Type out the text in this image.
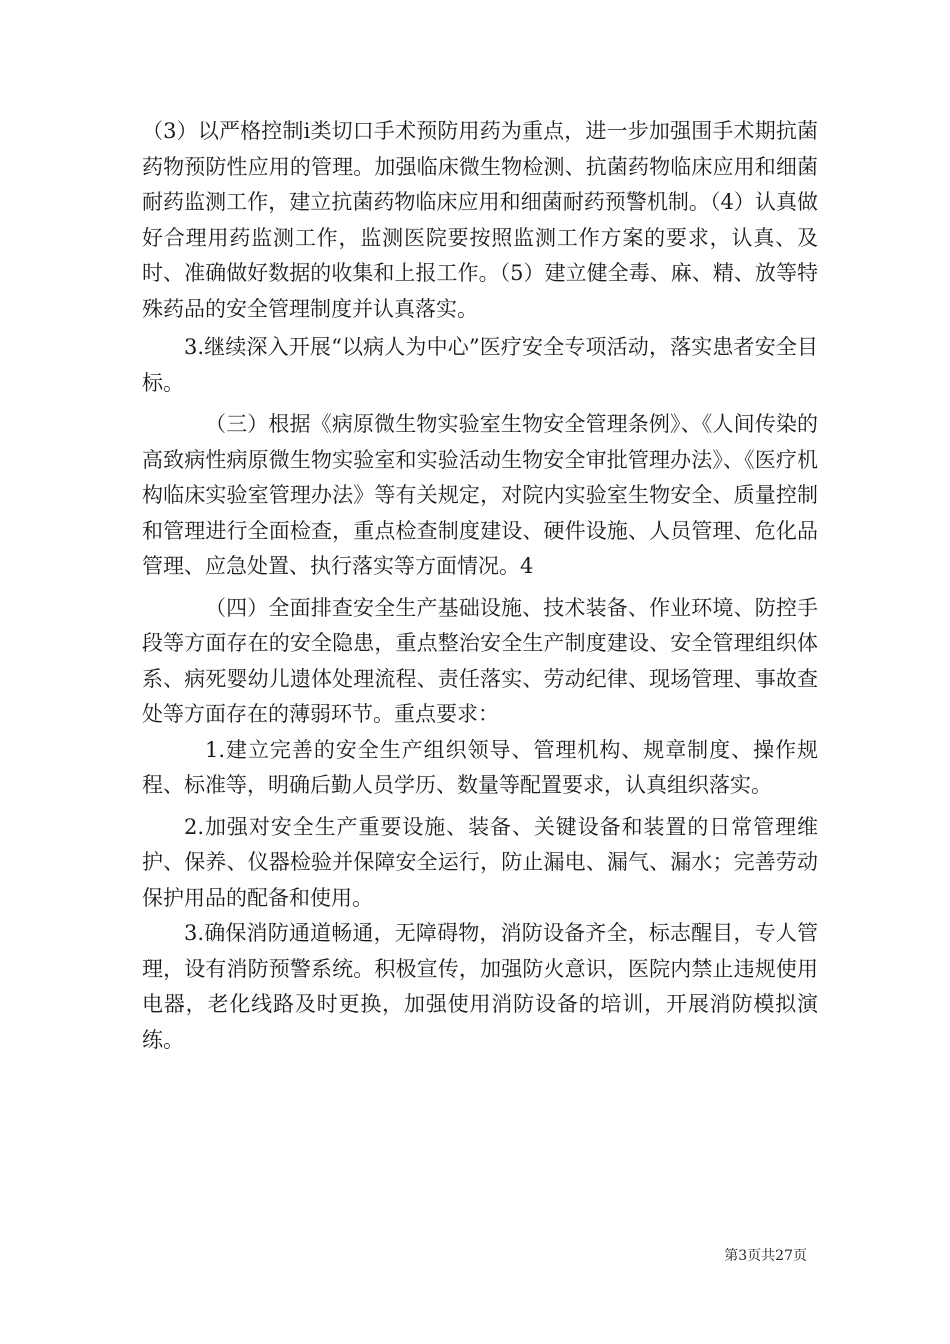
（3）以严格控制ⅰ类切口手术预防用药为重点，进一步加强围手术期抗菌药物预防性应用的管理。加强临床微生物检测、抗菌药物临床应用和细菌耐药监测工作，建立抗菌药物临床应用和细菌耐药预警机制。（4）认真做好合理用药监测工作，监测医院要按照监测工作方案的要求，认真、及时、准确做好数据的收集和上报工作。（5）建立健全毒、麻、精、放等特殊药品的安全管理制度并认真落实。

3.继续深入开展“以病人为中心”医疗安全专项活动，落实患者安全目标。

（三）根据《病原微生物实验室生物安全管理条例》、《人间传染的高致病性病原微生物实验室和实验活动生物安全审批管理办法》、《医疗机构临床实验室管理办法》等有关规定，对院内实验室生物安全、质量控制和管理进行全面检查，重点检查制度建设、硬件设施、人员管理、危化品管理、应急处置、执行落实等方面情况。4

（四）全面排查安全生产基础设施、技术装备、作业环境、防控手段等方面存在的安全隐患，重点整治安全生产制度建设、安全管理组织体系、病死婴幼儿遗体处理流程、责任落实、劳动纪律、现场管理、事故查处等方面存在的薄弱环节。重点要求：

1.建立完善的安全生产组织领导、管理机构、规章制度、操作规程、标准等，明确后勤人员学历、数量等配置要求，认真组织落实。

2.加强对安全生产重要设施、装备、关键设备和装置的日常管理维护、保养、仪器检验并保障安全运行，防止漏电、漏气、漏水；完善劳动保护用品的配备和使用。

3.确保消防通道畅通，无障碍物，消防设备齐全，标志醒目，专人管理，设有消防预警系统。积极宣传，加强防火意识，医院内禁止违规使用电器，老化线路及时更换，加强使用消防设备的培训，开展消防模拟演练。

第3页共27页
